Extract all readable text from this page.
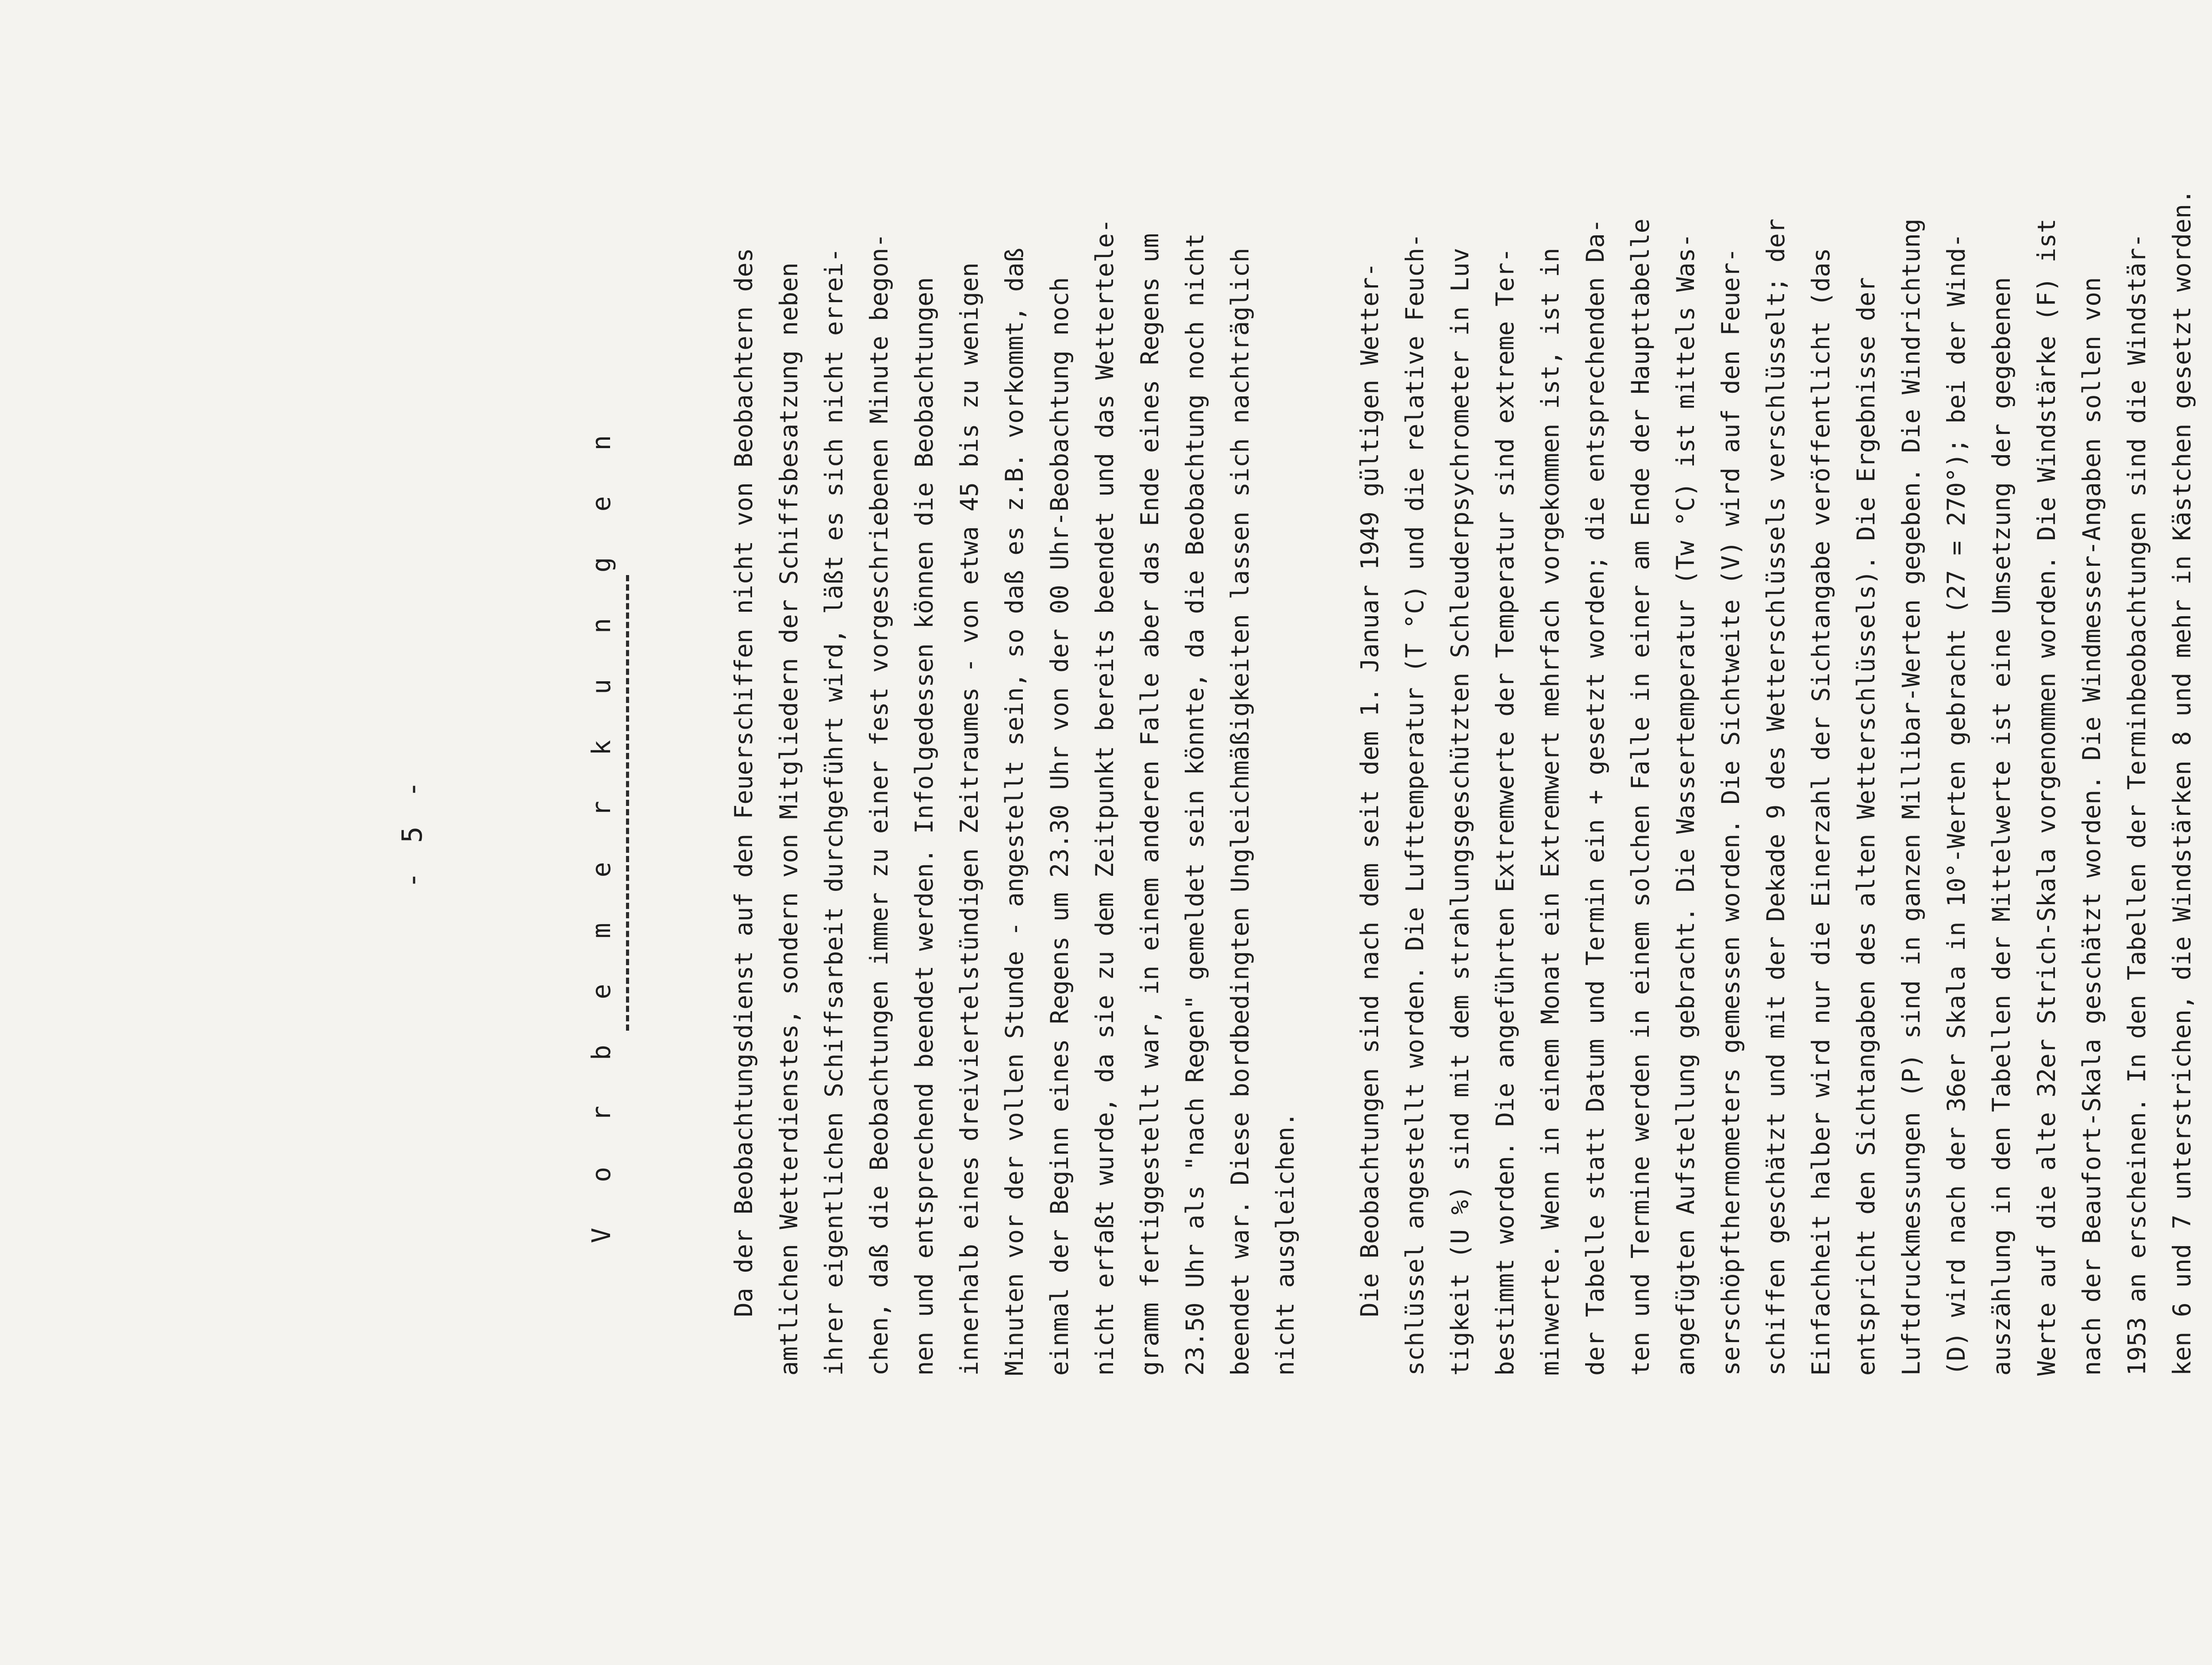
- 5 -	V o r b e m e r k u n g e n	Da der Beobachtungsdienst auf den Feuerschiffen nicht von Beobachtern des amtlichen Wetterdienstes, sondern von Mitgliedern der Schiffsbesatzung neben ihrer eigentlichen Schiffsarbeit durchgeführt wird, läßt es sich nicht errei- chen, daß die Beobachtungen immer zu einer fest vorgeschriebenen Minute begon- nen und entsprechend beendet werden. Infolgedessen können die Beobachtungen innerhalb eines dreiviertelstündigen Zeitraumes - von etwa 45 bis zu wenigen Minuten vor der vollen Stunde - angestellt sein, so daß es z.B. vorkommt, daß einmal der Beginn eines Regens um 23.30 Uhr von der 00 Uhr-Beobachtung noch nicht erfaßt wurde, da sie zu dem Zeitpunkt bereits beendet und das Wettertele- gramm fertiggestellt war, in einem anderen Falle aber das Ende eines Regens um 23.50 Uhr als "nach Regen" gemeldet sein könnte, da die Beobachtung noch nicht beendet war. Diese bordbedingten Ungleichmäßigkeiten lassen sich nachträglich nicht ausgleichen.	Die Beobachtungen sind nach dem seit dem 1. Januar 1949 gültigen Wetter- schlüssel angestellt worden. Die Lufttemperatur (T °C) und die relative Feuch- tigkeit (U %) sind mit dem strahlungsgeschützten Schleuderpsychrometer in Luv bestimmt worden. Die angeführten Extremwerte der Temperatur sind extreme Ter- minwerte. Wenn in einem Monat ein Extremwert mehrfach vorgekommen ist, ist in der Tabelle statt Datum und Termin ein + gesetzt worden; die entsprechenden Da- ten und Termine werden in einem solchen Falle in einer am Ende der Haupttabelle angefügten Aufstellung gebracht. Die Wassertemperatur (Tw °C) ist mittels Was- serschöpfthermometers gemessen worden. Die Sichtweite (V) wird auf den Feuer- schiffen geschätzt und mit der Dekade 9 des Wetterschlüssels verschlüsselt; der Einfachheit halber wird nur die Einerzahl der Sichtangabe veröffentlicht (das entspricht den Sichtangaben des alten Wetterschlüssels). Die Ergebnisse der Luftdruckmessungen (P) sind in ganzen Millibar-Werten gegeben. Die Windrichtung (D) wird nach der 36er Skala in 10°-Werten gebracht (27 = 270°); bei der Wind- auszählung in den Tabellen der Mittelwerte ist eine Umsetzung der gegebenen Werte auf die alte 32er Strich-Skala vorgenommen worden. Die Windstärke (F) ist nach der Beaufort-Skala geschätzt worden. Die Windmesser-Angaben sollen von 1953 an erscheinen. In den Tabellen der Terminbeobachtungen sind die Windstär- ken 6 und 7 unterstrichen, die Windstärken 8 und mehr in Kästchen gesetzt worden.
